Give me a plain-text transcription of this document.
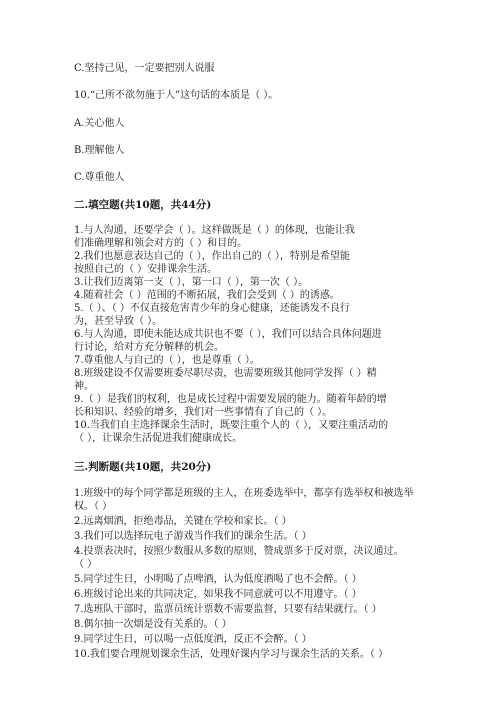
C.坚持己见，一定要把别人说服
10.“己所不欲勿施于人”这句话的本质是（ ）。
A.关心他人
B.理解他人
C.尊重他人
二.填空题(共10题，共44分)
1.与人沟通，还要学会（ ）。这样做既是（ ）的体现，也能让我
们准确理解和领会对方的（ ）和目的。
2.我们也愿意表达自己的（ ），作出自己的（ ），特别是希望能
按照自己的（ ）安排课余生活。
3.让我们迈离第一支（ ），第一口（ ），第一次（ ）。
4.随着社会（ ）范围的不断拓展，我们会受到（ ）的诱惑。
5.（ ）、（ ）不仅直接危害青少年的身心健康，还能诱发不良行
为，甚至导致（ ）。
6.与人沟通，即使未能达成共识也不要（ ），我们可以结合具体问题进
行讨论，给对方充分解释的机会。
7.尊重他人与自己的（ ），也是尊重（ ）。
8.班级建设不仅需要班委尽职尽责，也需要班级其他同学发挥（ ）精
神。
9.（ ）是我们的权利，也是成长过程中需要发展的能力。随着年龄的增
长和知识、经验的增多，我们对一些事情有了自己的（ ）。
10.当我们自主选择课余生活时，既要注重个人的（ ），又要注重活动的
（ ），让课余生活促进我们健康成长。
三.判断题(共10题，共20分)
1.班级中的每个同学都是班级的主人，在班委选举中，都享有选举权和被选举
权。（ ）
2.远离烟酒，拒绝毒品，关键在学校和家长。（ ）
3.我们可以选择玩电子游戏当作我们的课余生活。（ ）
4.投票表决时，按照少数服从多数的原则，赞成票多于反对票，决议通过。
（ ）
5.同学过生日，小明喝了点啤酒，认为低度酒喝了也不会醉。（ ）
6.班级讨论出来的共同决定，如果我不同意就可以不用遵守。（ ）
7.选班队干部时，监票员统计票数不需要监督，只要有结果就行。（ ）
8.偶尔抽一次烟是没有关系的。（ ）
9.同学过生日，可以喝一点低度酒，反正不会醉。（ ）
10.我们要合理规划课余生活，处理好课内学习与课余生活的关系。（ ）
